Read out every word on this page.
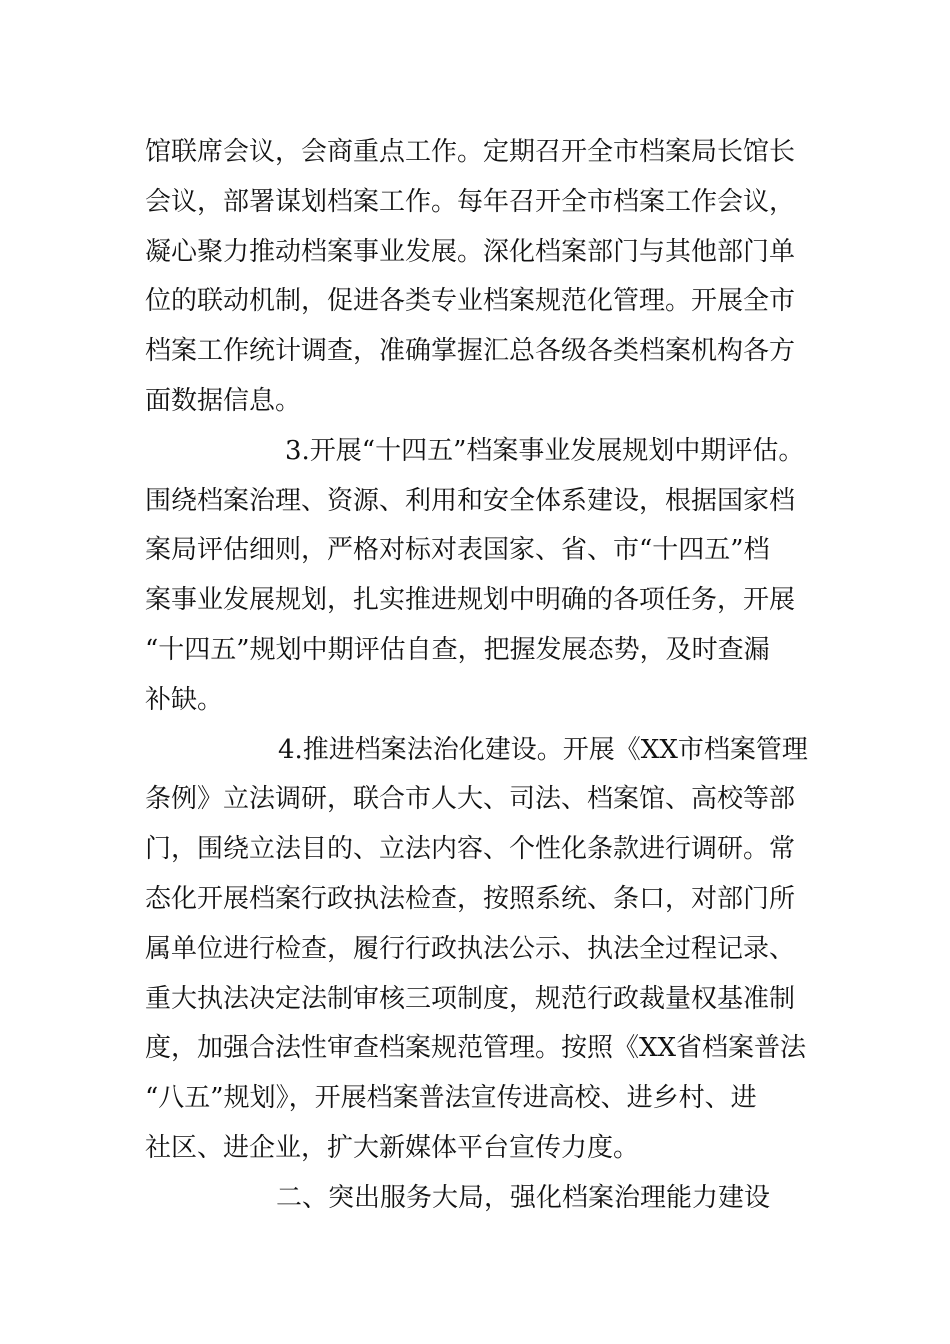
馆联席会议，会商重点工作。定期召开全市档案局长馆长
会议，部署谋划档案工作。每年召开全市档案工作会议，
凝心聚力推动档案事业发展。深化档案部门与其他部门单
位的联动机制，促进各类专业档案规范化管理。开展全市
档案工作统计调查，准确掌握汇总各级各类档案机构各方
面数据信息。
3.开展“十四五”档案事业发展规划中期评估。
围绕档案治理、资源、利用和安全体系建设，根据国家档
案局评估细则，严格对标对表国家、省、市“十四五”档
案事业发展规划，扎实推进规划中明确的各项任务，开展
“十四五”规划中期评估自查，把握发展态势，及时查漏
补缺。
4.推进档案法治化建设。开展《XX市档案管理
条例》立法调研，联合市人大、司法、档案馆、高校等部
门，围绕立法目的、立法内容、个性化条款进行调研。常
态化开展档案行政执法检查，按照系统、条口，对部门所
属单位进行检查，履行行政执法公示、执法全过程记录、
重大执法决定法制审核三项制度，规范行政裁量权基准制
度，加强合法性审查档案规范管理。按照《XX省档案普法
“八五”规划》，开展档案普法宣传进高校、进乡村、进
社区、进企业，扩大新媒体平台宣传力度。
二、突出服务大局，强化档案治理能力建设
